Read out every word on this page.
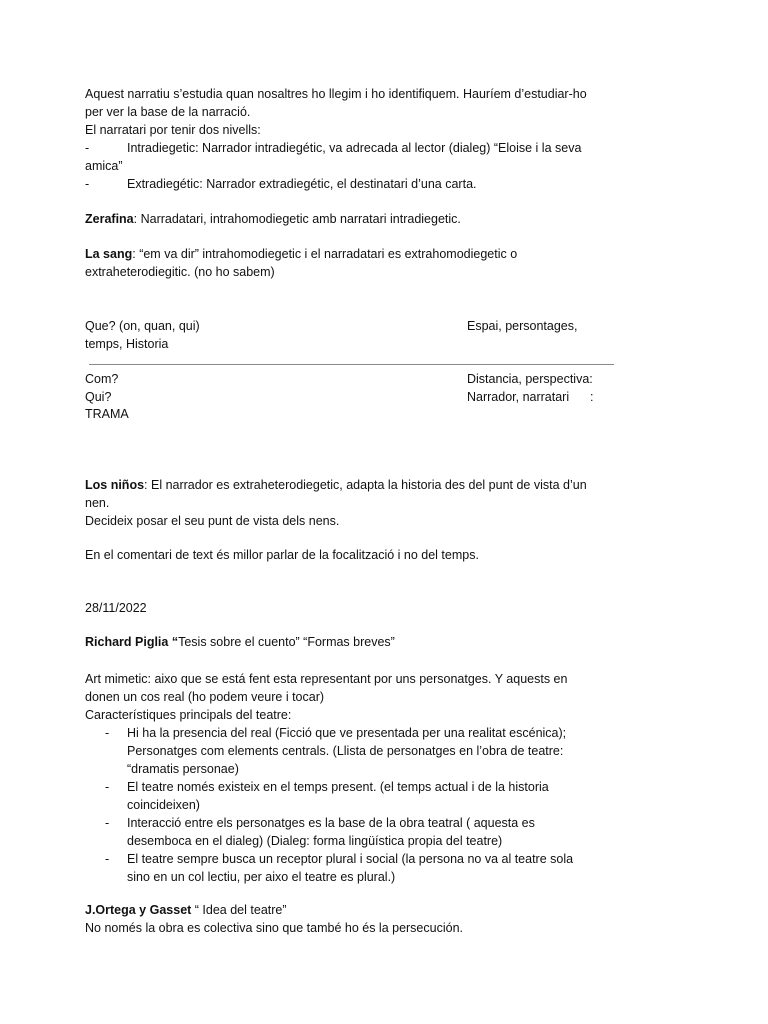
Aquest narratiu s’estudia quan nosaltres ho llegim i ho identifiquem. Hauríem d’estudiar-ho
per ver la base de la narració.
El narratari por tenir dos nivells:
-	Intradiegetic: Narrador intradiegétic, va adrecada al lector (dialeg) “Eloise i la seva
amica”
-	Extradiegétic: Narrador extradiegétic, el destinatari d’una carta.
Zerafina: Narradatari, intrahomodiegetic amb narratari intradiegetic.
La sang: “em va dir” intrahomodiegetic i el narradatari es extrahomodiegetic o
extraheterodiegitic. (no ho sabem)
Que? (on, quan, qui)	Espai, persontages,
temps, Historia
Com?	Distancia, perspectiva:
Qui?	Narrador, narratari      :
TRAMA
Los niños: El narrador es extraheterodiegetic, adapta la historia des del punt de vista d’un
nen.
Decideix posar el seu punt de vista dels nens.
En el comentari de text és millor parlar de la focalització i no del temps.
28/11/2022
Richard Piglia “Tesis sobre el cuento” “Formas breves”
Art mimetic: aixo que se está fent esta representant por uns personatges. Y aquests en
donen un cos real (ho podem veure i tocar)
Característiques principals del teatre:
- Hi ha la presencia del real (Ficció que ve presentada per una realitat escénica);
Personatges com elements centrals. (Llista de personatges en l’obra de teatre:
“dramatis personae)
- El teatre només existeix en el temps present. (el temps actual i de la historia
coincideixen)
- Interacció entre els personatges es la base de la obra teatral ( aquesta es
desemboca en el dialeg) (Dialeg: forma lingüística propia del teatre)
- El teatre sempre busca un receptor plural i social (la persona no va al teatre sola
sino en un col lectiu, per aixo el teatre es plural.)
J.Ortega y Gasset “ Idea del teatre”
No només la obra es colectiva sino que també ho és la persecución.
